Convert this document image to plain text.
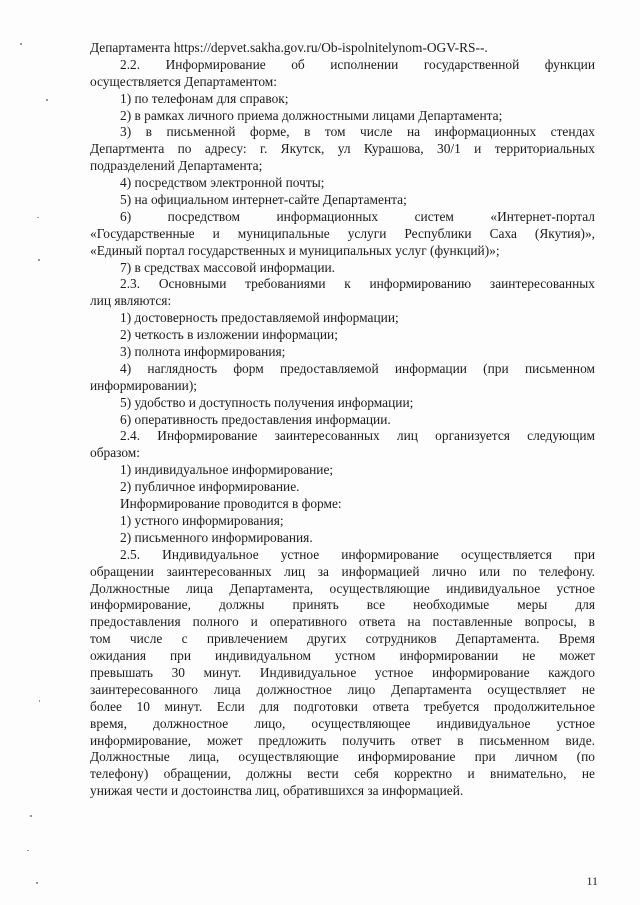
Департамента https://depvet.sakha.gov.ru/Ob-ispolnitelynom-OGV-RS--.
2.2. Информирование об исполнении государственной функции
осуществляется Департаментом:
1) по телефонам для справок;
2) в рамках личного приема должностными лицами Департамента;
3) в письменной форме, в том числе на информационных стендах
Департмента по адресу: г. Якутск, ул Курашова, 30/1 и территориальных
подразделений Департамента;
4) посредством электронной почты;
5) на официальном интернет-сайте Департамента;
6) посредством информационных систем «Интернет-портал
«Государственные и муниципальные услуги Республики Саха (Якутия)»,
«Единый портал государственных и муниципальных услуг (функций)»;
7) в средствах массовой информации.
2.3. Основными требованиями к информированию заинтересованных
лиц являются:
1) достоверность предоставляемой информации;
2) четкость в изложении информации;
3) полнота информирования;
4) наглядность форм предоставляемой информации (при письменном
информировании);
5) удобство и доступность получения информации;
6) оперативность предоставления информации.
2.4. Информирование заинтересованных лиц организуется следующим
образом:
1) индивидуальное информирование;
2) публичное информирование.
Информирование проводится в форме:
1) устного информирования;
2) письменного информирования.
2.5. Индивидуальное устное информирование осуществляется при
обращении заинтересованных лиц за информацией лично или по телефону.
Должностные лица Департамента, осуществляющие индивидуальное устное
информирование, должны принять все необходимые меры для
предоставления полного и оперативного ответа на поставленные вопросы, в
том числе с привлечением других сотрудников Департамента. Время
ожидания при индивидуальном устном информировании не может
превышать 30 минут. Индивидуальное устное информирование каждого
заинтересованного лица должностное лицо Департамента осуществляет не
более 10 минут. Если для подготовки ответа требуется продолжительное
время, должностное лицо, осуществляющее индивидуальное устное
информирование, может предложить получить ответ в письменном виде.
Должностные лица, осуществляющие информирование при личном (по
телефону) обращении, должны вести себя корректно и внимательно, не
унижая чести и достоинства лиц, обратившихся за информацией.
11
